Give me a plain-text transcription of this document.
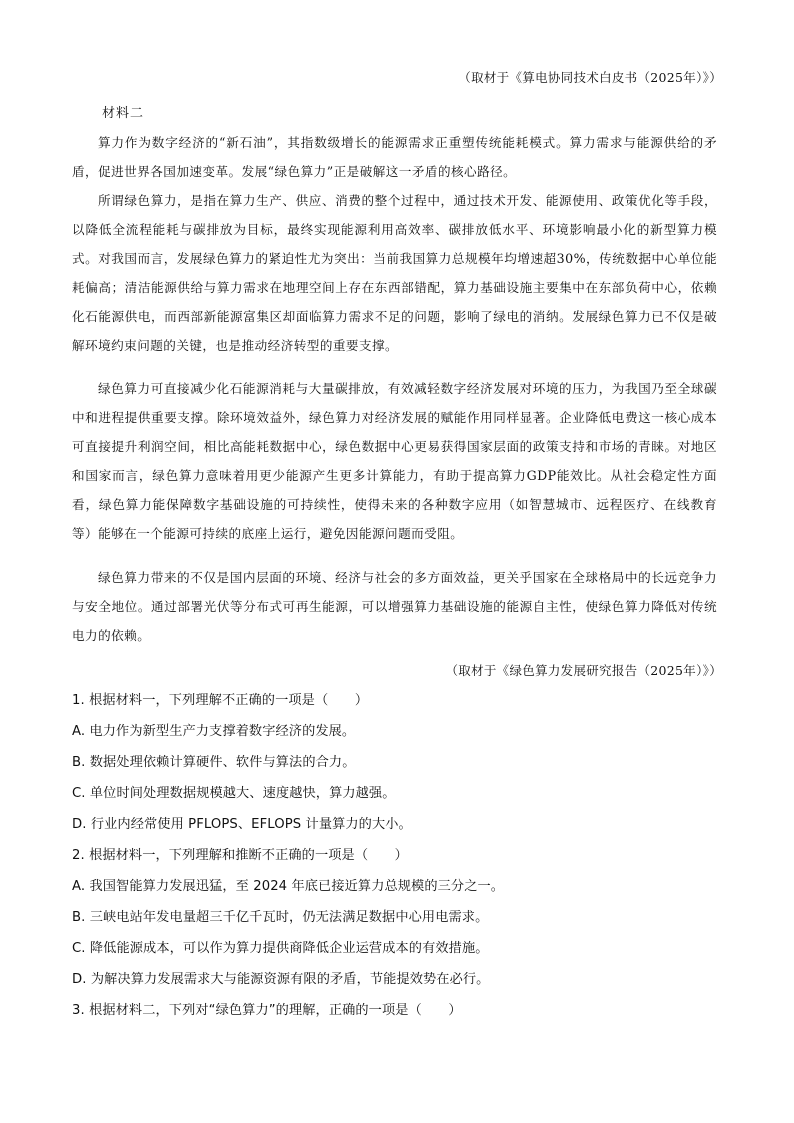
（取材于《算电协同技术白皮书（2025年）》）
材料二

算力作为数字经济的“新石油”，其指数级增长的能源需求正重塑传统能耗模式。算力需求与能源供给的矛盾，促进世界各国加速变革。发展“绿色算力”正是破解这一矛盾的核心路径。

所谓绿色算力，是指在算力生产、供应、消费的整个过程中，通过技术开发、能源使用、政策优化等手段，以降低全流程能耗与碳排放为目标，最终实现能源利用高效率、碳排放低水平、环境影响最小化的新型算力模式。对我国而言，发展绿色算力的紧迫性尤为突出：当前我国算力总规模年均增速超30%，传统数据中心单位能耗偏高；清洁能源供给与算力需求在地理空间上存在东西部错配，算力基础设施主要集中在东部负荷中心，依赖化石能源供电，而西部新能源富集区却面临算力需求不足的问题，影响了绿电的消纳。发展绿色算力已不仅是破解环境约束问题的关键，也是推动经济转型的重要支撑。

绿色算力可直接减少化石能源消耗与大量碳排放，有效减轻数字经济发展对环境的压力，为我国乃至全球碳中和进程提供重要支撑。除环境效益外，绿色算力对经济发展的赋能作用同样显著。企业降低电费这一核心成本可直接提升利润空间，相比高能耗数据中心，绿色数据中心更易获得国家层面的政策支持和市场的青睐。对地区和国家而言，绿色算力意味着用更少能源产生更多计算能力，有助于提高算力GDP能效比。从社会稳定性方面看，绿色算力能保障数字基础设施的可持续性，使得未来的各种数字应用（如智慧城市、远程医疗、在线教育等）能够在一个能源可持续的底座上运行，避免因能源问题而受阻。

绿色算力带来的不仅是国内层面的环境、经济与社会的多方面效益，更关乎国家在全球格局中的长远竞争力与安全地位。通过部署光伏等分布式可再生能源，可以增强算力基础设施的能源自主性，使绿色算力降低对传统电力的依赖。

（取材于《绿色算力发展研究报告（2025年）》）
1. 根据材料一，下列理解不正确的一项是（　　）
A. 电力作为新型生产力支撑着数字经济的发展。
B. 数据处理依赖计算硬件、软件与算法的合力。
C. 单位时间处理数据规模越大、速度越快，算力越强。
D. 行业内经常使用 PFLOPS、EFLOPS 计量算力的大小。
2. 根据材料一，下列理解和推断不正确的一项是（　　）
A. 我国智能算力发展迅猛，至 2024 年底已接近算力总规模的三分之一。
B. 三峡电站年发电量超三千亿千瓦时，仍无法满足数据中心用电需求。
C. 降低能源成本，可以作为算力提供商降低企业运营成本的有效措施。
D. 为解决算力发展需求大与能源资源有限的矛盾，节能提效势在必行。
3. 根据材料二，下列对“绿色算力”的理解，正确的一项是（　　）
